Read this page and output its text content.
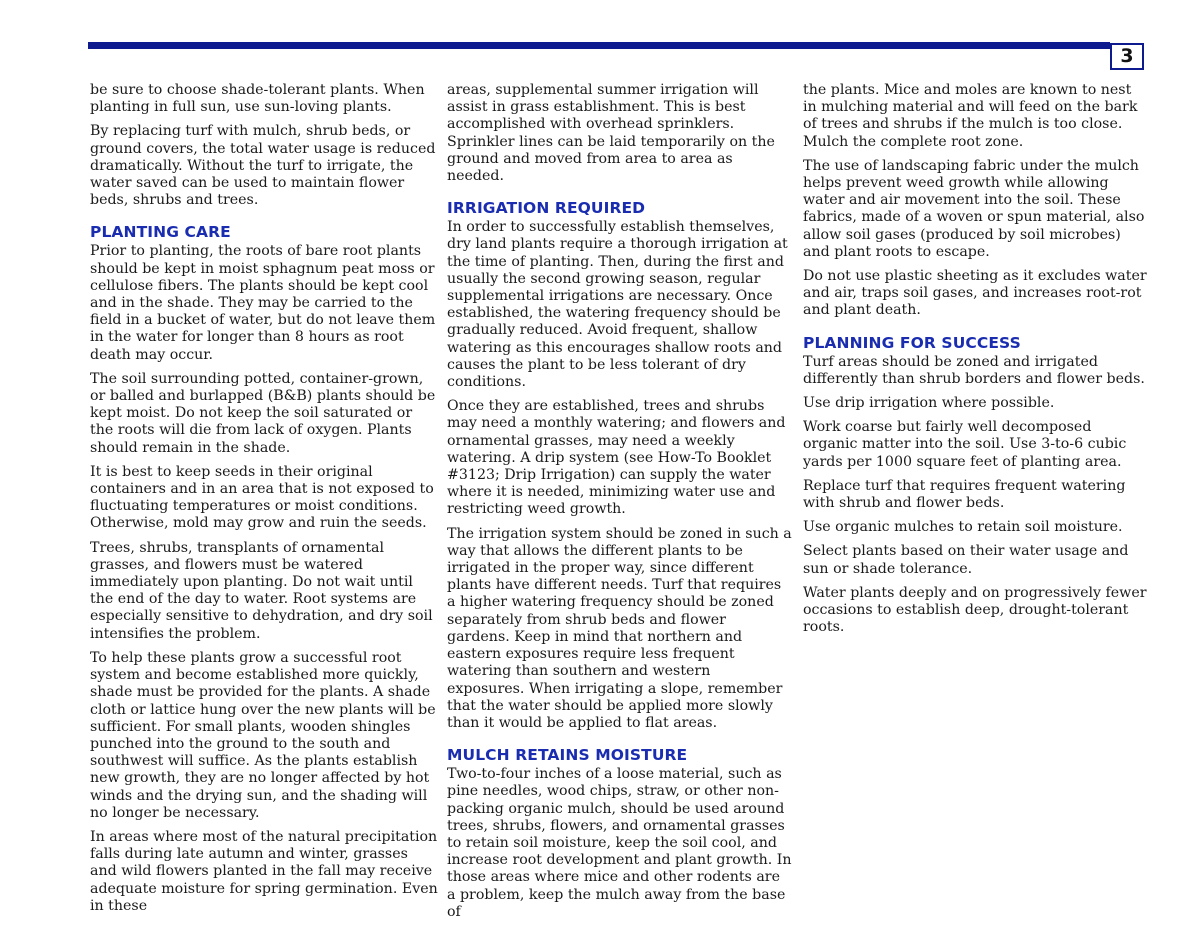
3

be sure to choose shade-tolerant plants. When planting in full sun, use sun-loving plants.

By replacing turf with mulch, shrub beds, or ground covers, the total water usage is reduced dramatically. Without the turf to irrigate, the water saved can be used to maintain flower beds, shrubs and trees.

PLANTING CARE

Prior to planting, the roots of bare root plants should be kept in moist sphagnum peat moss or cellulose fibers. The plants should be kept cool and in the shade. They may be carried to the field in a bucket of water, but do not leave them in the water for longer than 8 hours as root death may occur.

The soil surrounding potted, container-grown, or balled and burlapped (B&B) plants should be kept moist. Do not keep the soil saturated or the roots will die from lack of oxygen. Plants should remain in the shade.

It is best to keep seeds in their original containers and in an area that is not exposed to fluctuating temperatures or moist conditions. Otherwise, mold may grow and ruin the seeds.

Trees, shrubs, transplants of ornamental grasses, and flowers must be watered immediately upon planting. Do not wait until the end of the day to water. Root systems are especially sensitive to dehydration, and dry soil intensifies the problem.

To help these plants grow a successful root system and become established more quickly, shade must be provided for the plants. A shade cloth or lattice hung over the new plants will be sufficient. For small plants, wooden shingles punched into the ground to the south and southwest will suffice. As the plants establish new growth, they are no longer affected by hot winds and the drying sun, and the shading will no longer be necessary.

In areas where most of the natural precipitation falls during late autumn and winter, grasses and wild flowers planted in the fall may receive adequate moisture for spring germination. Even in these

areas, supplemental summer irrigation will assist in grass establishment. This is best accomplished with overhead sprinklers. Sprinkler lines can be laid temporarily on the ground and moved from area to area as needed.

IRRIGATION REQUIRED

In order to successfully establish themselves, dry land plants require a thorough irrigation at the time of planting. Then, during the first and usually the second growing season, regular supplemental irrigations are necessary. Once established, the watering frequency should be gradually reduced. Avoid frequent, shallow watering as this encourages shallow roots and causes the plant to be less tolerant of dry conditions.

Once they are established, trees and shrubs may need a monthly watering; and flowers and ornamental grasses, may need a weekly watering. A drip system (see How-To Booklet #3123; Drip Irrigation) can supply the water where it is needed, minimizing water use and restricting weed growth.

The irrigation system should be zoned in such a way that allows the different plants to be irrigated in the proper way, since different plants have different needs. Turf that requires a higher watering frequency should be zoned separately from shrub beds and flower gardens. Keep in mind that northern and eastern exposures require less frequent watering than southern and western exposures. When irrigating a slope, remember that the water should be applied more slowly than it would be applied to flat areas.

MULCH RETAINS MOISTURE

Two-to-four inches of a loose material, such as pine needles, wood chips, straw, or other non-packing organic mulch, should be used around trees, shrubs, flowers, and ornamental grasses to retain soil moisture, keep the soil cool, and increase root development and plant growth. In those areas where mice and other rodents are a problem, keep the mulch away from the base of

the plants. Mice and moles are known to nest in mulching material and will feed on the bark of trees and shrubs if the mulch is too close. Mulch the complete root zone.

The use of landscaping fabric under the mulch helps prevent weed growth while allowing water and air movement into the soil. These fabrics, made of a woven or spun material, also allow soil gases (produced by soil microbes) and plant roots to escape.

Do not use plastic sheeting as it excludes water and air, traps soil gases, and increases root-rot and plant death.

PLANNING FOR SUCCESS

Turf areas should be zoned and irrigated differently than shrub borders and flower beds.

Use drip irrigation where possible.

Work coarse but fairly well decomposed organic matter into the soil. Use 3-to-6 cubic yards per 1000 square feet of planting area.

Replace turf that requires frequent watering with shrub and flower beds.

Use organic mulches to retain soil moisture.

Select plants based on their water usage and sun or shade tolerance.

Water plants deeply and on progressively fewer occasions to establish deep, drought-tolerant roots.
